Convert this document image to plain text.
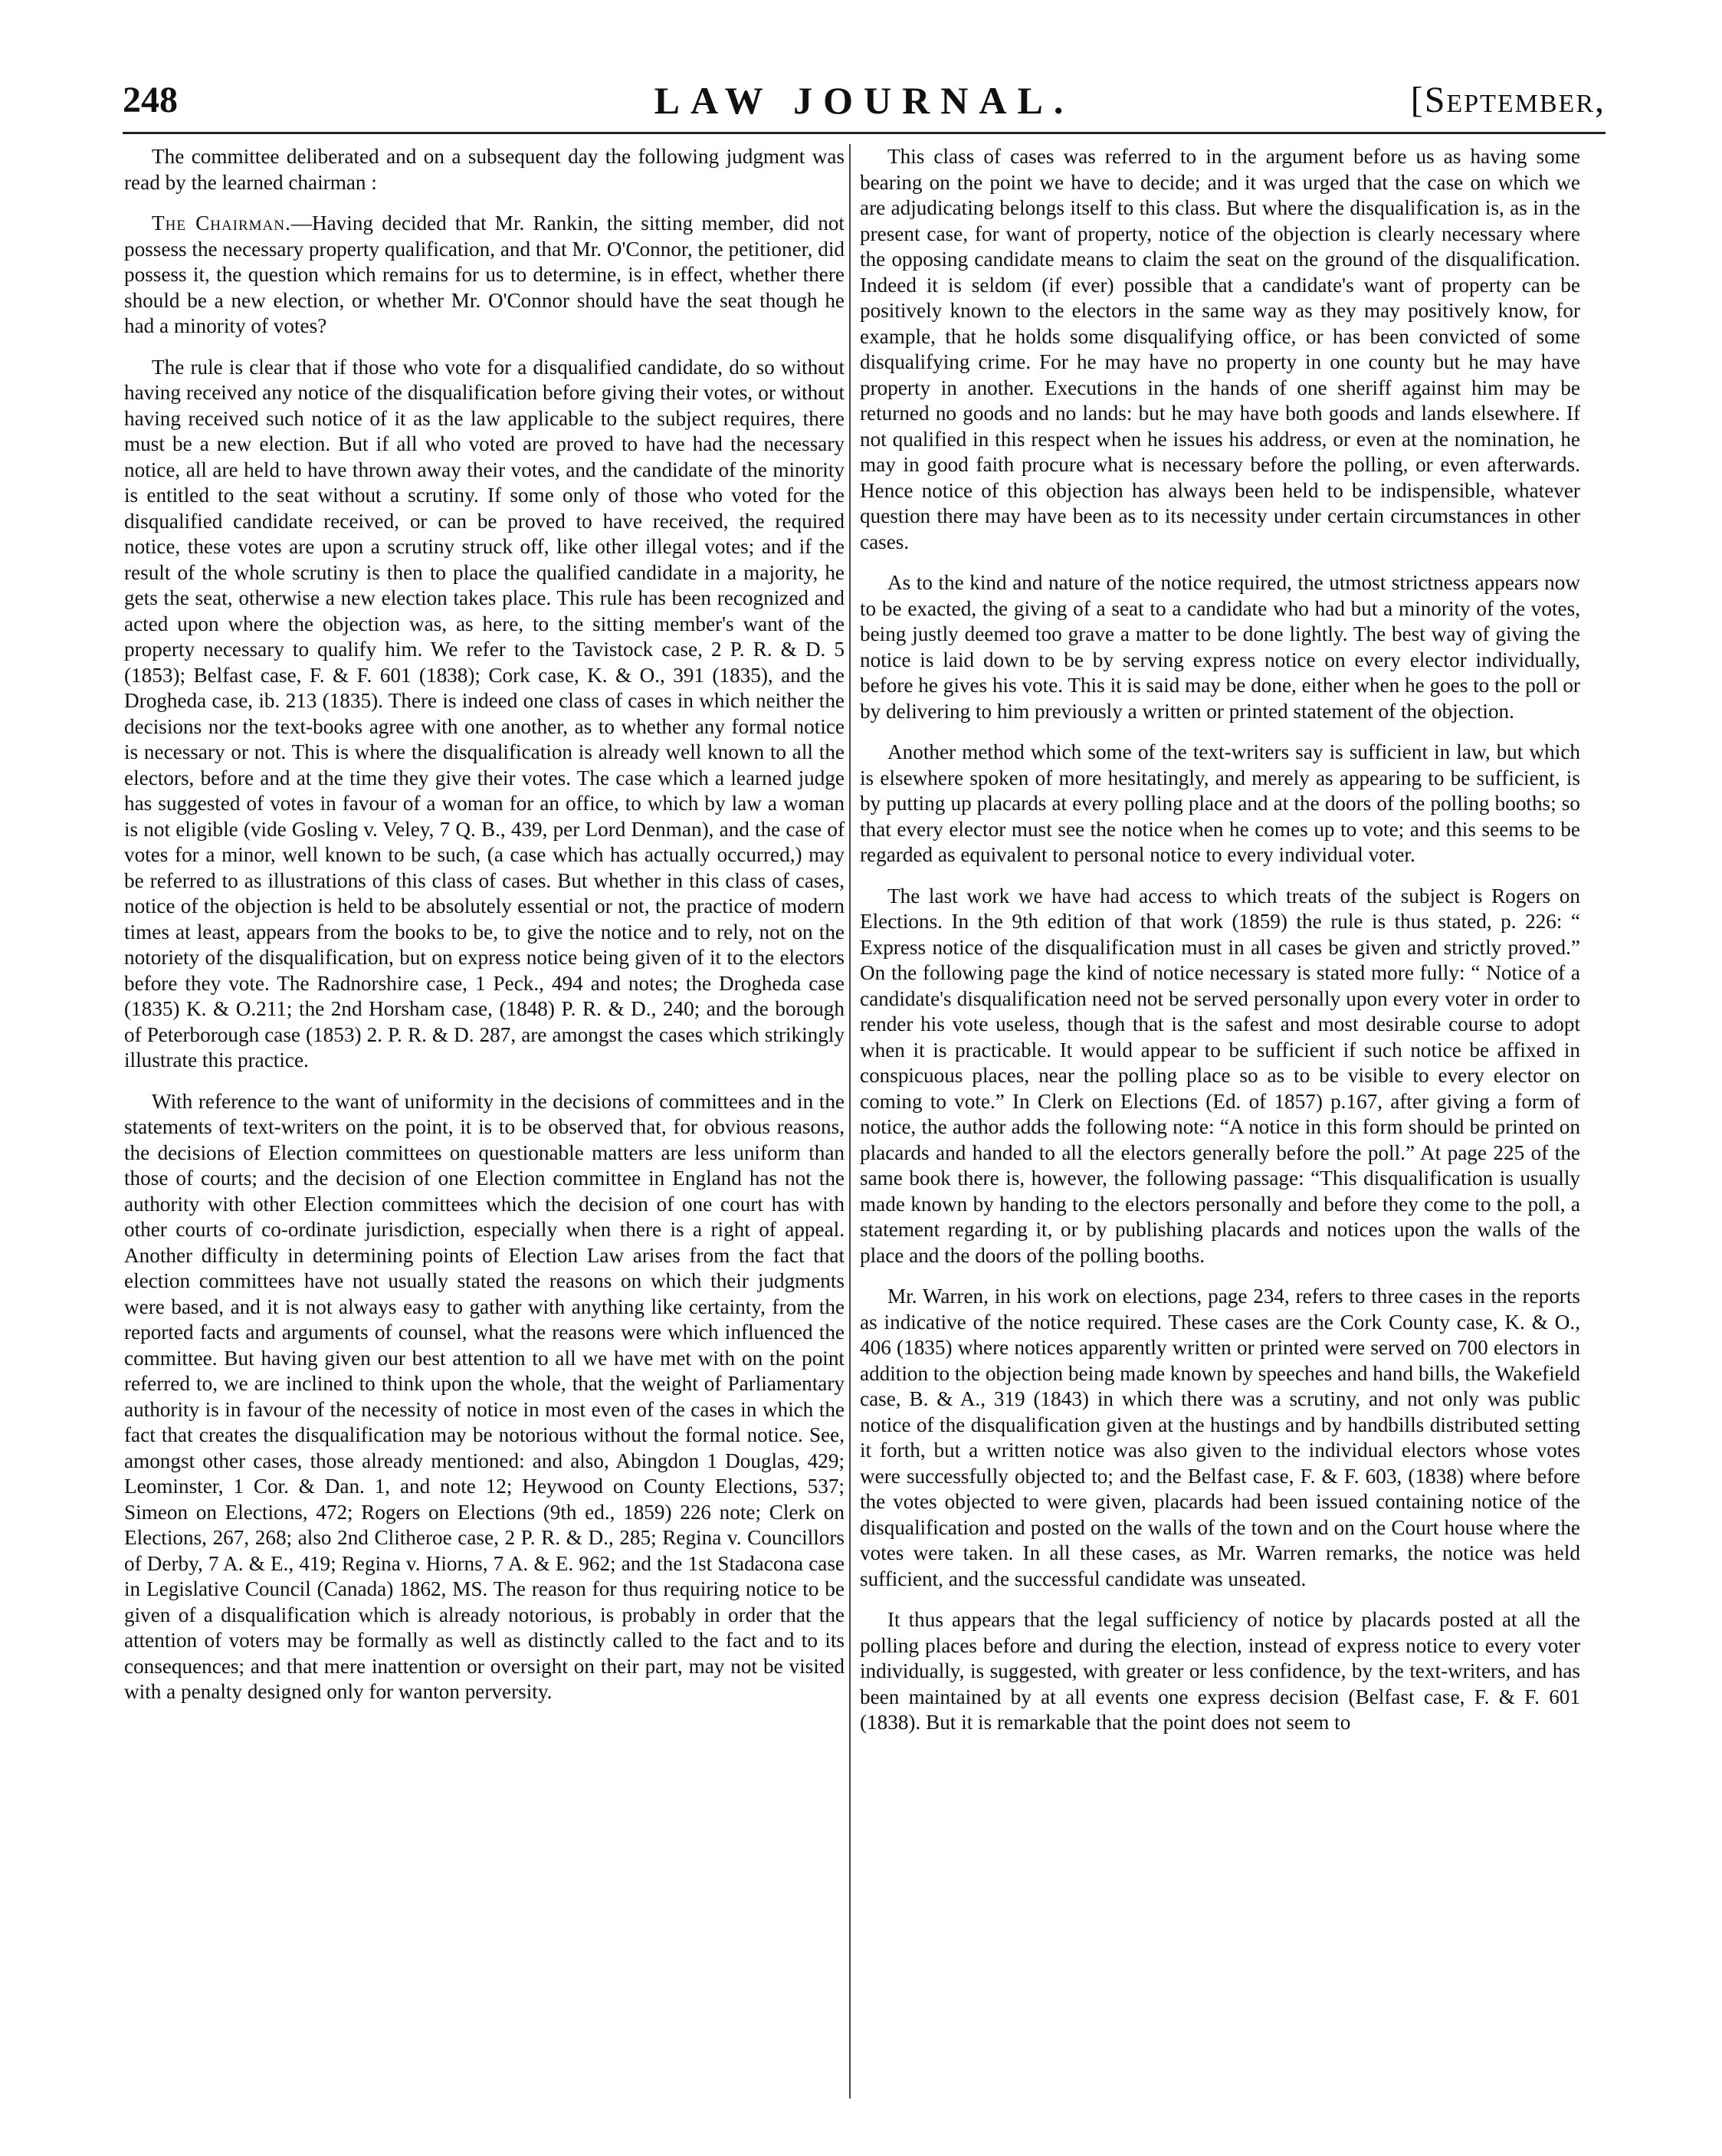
248	LAW JOURNAL.	[September,

The committee deliberated and on a subsequent day the following judgment was read by the learned chairman :

The Chairman.—Having decided that Mr. Rankin, the sitting member, did not possess the necessary property qualification, and that Mr. O'Connor, the petitioner, did possess it, the question which remains for us to determine, is in effect, whether there should be a new election, or whether Mr. O'Connor should have the seat though he had a minority of votes?

The rule is clear that if those who vote for a disqualified candidate, do so without having received any notice of the disqualification before giving their votes, or without having received such notice of it as the law applicable to the subject requires, there must be a new election. But if all who voted are proved to have had the necessary notice, all are held to have thrown away their votes, and the candidate of the minority is entitled to the seat without a scrutiny. If some only of those who voted for the disqualified candidate received, or can be proved to have received, the required notice, these votes are upon a scrutiny struck off, like other illegal votes; and if the result of the whole scrutiny is then to place the qualified candidate in a majority, he gets the seat, otherwise a new election takes place. This rule has been recognized and acted upon where the objection was, as here, to the sitting member's want of the property necessary to qualify him. We refer to the Tavistock case, 2 P. R. & D. 5 (1853); Belfast case, F. & F. 601 (1838); Cork case, K. & O., 391 (1835), and the Drogheda case, ib. 213 (1835). There is indeed one class of cases in which neither the decisions nor the text-books agree with one another, as to whether any formal notice is necessary or not. This is where the disqualification is already well known to all the electors, before and at the time they give their votes. The case which a learned judge has suggested of votes in favour of a woman for an office, to which by law a woman is not eligible (vide Gosling v. Veley, 7 Q. B., 439, per Lord Denman), and the case of votes for a minor, well known to be such, (a case which has actually occurred,) may be referred to as illustrations of this class of cases. But whether in this class of cases, notice of the objection is held to be absolutely essential or not, the practice of modern times at least, appears from the books to be, to give the notice and to rely, not on the notoriety of the disqualification, but on express notice being given of it to the electors before they vote. The Radnorshire case, 1 Peck., 494 and notes; the Drogheda case (1835) K. & O.211; the 2nd Horsham case, (1848) P. R. & D., 240; and the borough of Peterborough case (1853) 2. P. R. & D. 287, are amongst the cases which strikingly illustrate this practice.

With reference to the want of uniformity in the decisions of committees and in the statements of text-writers on the point, it is to be observed that, for obvious reasons, the decisions of Election committees on questionable matters are less uniform than those of courts; and the decision of one Election committee in England has not the authority with other Election committees which the decision of one court has with other courts of co-ordinate jurisdiction, especially when there is a right of appeal. Another difficulty in determining points of Election Law arises from the fact that election committees have not usually stated the reasons on which their judgments were based, and it is not always easy to gather with anything like certainty, from the reported facts and arguments of counsel, what the reasons were which influenced the committee. But having given our best attention to all we have met with on the point referred to, we are inclined to think upon the whole, that the weight of Parliamentary authority is in favour of the necessity of notice in most even of the cases in which the fact that creates the disqualification may be notorious without the formal notice. See, amongst other cases, those already mentioned: and also, Abingdon 1 Douglas, 429; Leominster, 1 Cor. & Dan. 1, and note 12; Heywood on County Elections, 537; Simeon on Elections, 472; Rogers on Elections (9th ed., 1859) 226 note; Clerk on Elections, 267, 268; also 2nd Clitheroe case, 2 P. R. & D., 285; Regina v. Councillors of Derby, 7 A. & E., 419; Regina v. Hiorns, 7 A. & E. 962; and the 1st Stadacona case in Legislative Council (Canada) 1862, MS. The reason for thus requiring notice to be given of a disqualification which is already notorious, is probably in order that the attention of voters may be formally as well as distinctly called to the fact and to its consequences; and that mere inattention or oversight on their part, may not be visited with a penalty designed only for wanton perversity.

This class of cases was referred to in the argument before us as having some bearing on the point we have to decide; and it was urged that the case on which we are adjudicating belongs itself to this class. But where the disqualification is, as in the present case, for want of property, notice of the objection is clearly necessary where the opposing candidate means to claim the seat on the ground of the disqualification. Indeed it is seldom (if ever) possible that a candidate's want of property can be positively known to the electors in the same way as they may positively know, for example, that he holds some disqualifying office, or has been convicted of some disqualifying crime. For he may have no property in one county but he may have property in another. Executions in the hands of one sheriff against him may be returned no goods and no lands: but he may have both goods and lands elsewhere. If not qualified in this respect when he issues his address, or even at the nomination, he may in good faith procure what is necessary before the polling, or even afterwards. Hence notice of this objection has always been held to be indispensible, whatever question there may have been as to its necessity under certain circumstances in other cases.

As to the kind and nature of the notice required, the utmost strictness appears now to be exacted, the giving of a seat to a candidate who had but a minority of the votes, being justly deemed too grave a matter to be done lightly. The best way of giving the notice is laid down to be by serving express notice on every elector individually, before he gives his vote. This it is said may be done, either when he goes to the poll or by delivering to him previously a written or printed statement of the objection.

Another method which some of the text-writers say is sufficient in law, but which is elsewhere spoken of more hesitatingly, and merely as appearing to be sufficient, is by putting up placards at every polling place and at the doors of the polling booths; so that every elector must see the notice when he comes up to vote; and this seems to be regarded as equivalent to personal notice to every individual voter.

The last work we have had access to which treats of the subject is Rogers on Elections. In the 9th edition of that work (1859) the rule is thus stated, p. 226: “ Express notice of the disqualification must in all cases be given and strictly proved.” On the following page the kind of notice necessary is stated more fully: “ Notice of a candidate's disqualification need not be served personally upon every voter in order to render his vote useless, though that is the safest and most desirable course to adopt when it is practicable. It would appear to be sufficient if such notice be affixed in conspicuous places, near the polling place so as to be visible to every elector on coming to vote.” In Clerk on Elections (Ed. of 1857) p.167, after giving a form of notice, the author adds the following note: “A notice in this form should be printed on placards and handed to all the electors generally before the poll.” At page 225 of the same book there is, however, the following passage: “This disqualification is usually made known by handing to the electors personally and before they come to the poll, a statement regarding it, or by publishing placards and notices upon the walls of the place and the doors of the polling booths.

Mr. Warren, in his work on elections, page 234, refers to three cases in the reports as indicative of the notice required. These cases are the Cork County case, K. & O., 406 (1835) where notices apparently written or printed were served on 700 electors in addition to the objection being made known by speeches and hand bills, the Wakefield case, B. & A., 319 (1843) in which there was a scrutiny, and not only was public notice of the disqualification given at the hustings and by handbills distributed setting it forth, but a written notice was also given to the individual electors whose votes were successfully objected to; and the Belfast case, F. & F. 603, (1838) where before the votes objected to were given, placards had been issued containing notice of the disqualification and posted on the walls of the town and on the Court house where the votes were taken. In all these cases, as Mr. Warren remarks, the notice was held sufficient, and the successful candidate was unseated.

It thus appears that the legal sufficiency of notice by placards posted at all the polling places before and during the election, instead of express notice to every voter individually, is suggested, with greater or less confidence, by the text-writers, and has been maintained by at all events one express decision (Belfast case, F. & F. 601 (1838). But it is remarkable that the point does not seem to
